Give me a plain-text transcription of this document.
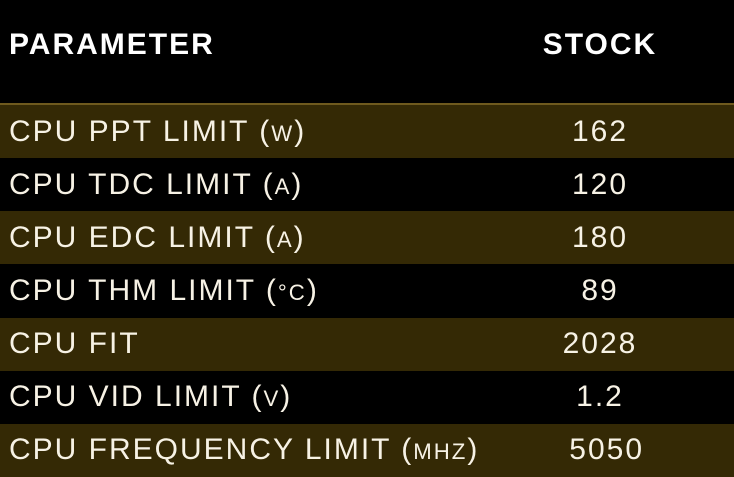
PARAMETER	STOCK
CPU PPT LIMIT (W)	162
CPU TDC LIMIT (A)	120
CPU EDC LIMIT (A)	180
CPU THM LIMIT (°C)	89
CPU FIT	2028
CPU VID LIMIT (V)	1.2
CPU FREQUENCY LIMIT (MHZ)	5050
